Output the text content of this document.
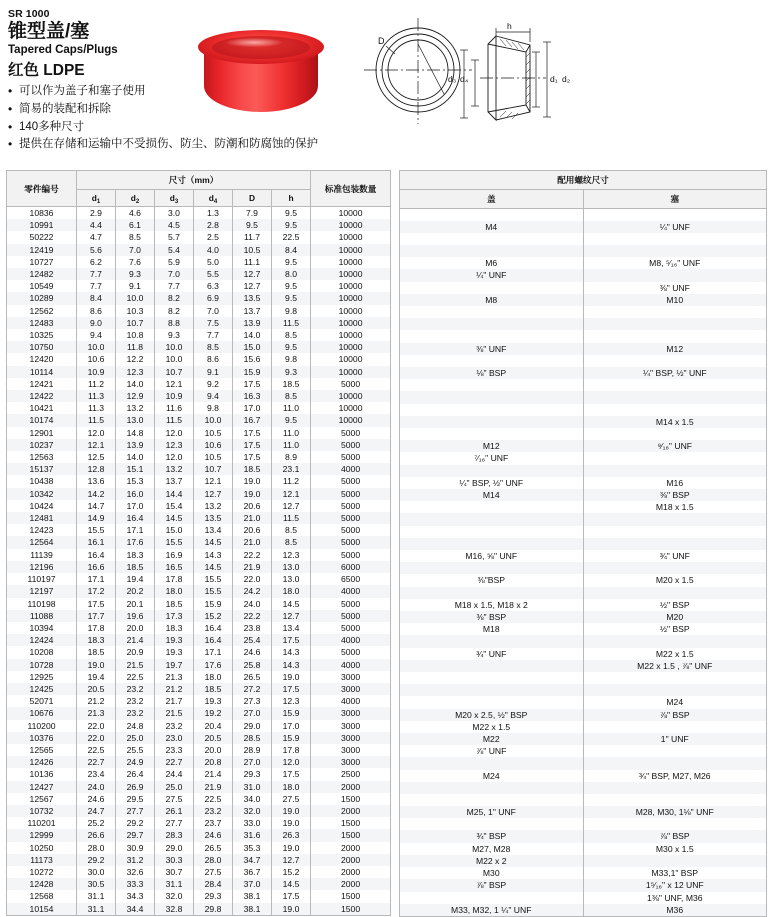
SR 1000
锥型盖/塞
Tapered Caps/Plugs
红色 LDPE
• 可以作为盖子和塞子使用
• 简易的装配和拆除
• 140多种尺寸
• 提供在存储和运输中不受损伤、防尘、防潮和防腐蚀的保护
D
h
d₃ d₄	d₁ d₂
零件编号	尺寸（mm）						标准包装数量
	$d_1$	$d_2$	$d_3$	$d_4$	D	h	
10836	2.9	4.6	3.0	1.3	7.9	9.5	10000
10991	4.4	6.1	4.5	2.8	9.5	9.5	10000
50222	4.7	8.5	5.7	2.5	11.7	22.5	10000
12419	5.6	7.0	5.4	4.0	10.5	8.4	10000
10727	6.2	7.6	5.9	5.0	11.1	9.5	10000
12482	7.7	9.3	7.0	5.5	12.7	8.0	10000
10549	7.7	9.1	7.7	6.3	12.7	9.5	10000
10289	8.4	10.0	8.2	6.9	13.5	9.5	10000
12562	8.6	10.3	8.2	7.0	13.7	9.8	10000
12483	9.0	10.7	8.8	7.5	13.9	11.5	10000
10325	9.4	10.8	9.3	7.7	14.0	8.5	10000
10750	10.0	11.8	10.0	8.5	15.0	9.5	10000
12420	10.6	12.2	10.0	8.6	15.6	9.8	10000
10114	10.9	12.3	10.7	9.1	15.9	9.3	10000
12421	11.2	14.0	12.1	9.2	17.5	18.5	5000
12422	11.3	12.9	10.9	9.4	16.3	8.5	10000
10421	11.3	13.2	11.6	9.8	17.0	11.0	10000
10174	11.5	13.0	11.5	10.0	16.7	9.5	10000
12901	12.0	14.8	12.0	10.5	17.5	11.0	5000
10237	12.1	13.9	12.3	10.6	17.5	11.0	5000
12563	12.5	14.0	12.0	10.5	17.5	8.9	5000
15137	12.8	15.1	13.2	10.7	18.5	23.1	4000
10438	13.6	15.3	13.7	12.1	19.0	11.2	5000
10342	14.2	16.0	14.4	12.7	19.0	12.1	5000
10424	14.7	17.0	15.4	13.2	20.6	12.7	5000
12481	14.9	16.4	14.5	13.5	21.0	11.5	5000
12423	15.5	17.1	15.0	13.4	20.6	8.5	5000
12564	16.1	17.6	15.5	14.5	21.0	8.5	5000
11139	16.4	18.3	16.9	14.3	22.2	12.3	5000
12196	16.6	18.5	16.5	14.5	21.9	13.0	6000
110197	17.1	19.4	17.8	15.5	22.0	13.0	6500
12197	17.2	20.2	18.0	15.5	24.2	18.0	4000
110198	17.5	20.1	18.5	15.9	24.0	14.5	5000
11088	17.7	19.6	17.3	15.2	22.2	12.7	5000
10394	17.8	20.0	18.3	16.4	23.8	13.4	5000
12424	18.3	21.4	19.3	16.4	25.4	17.5	4000
10208	18.5	20.9	19.3	17.1	24.6	14.3	5000
10728	19.0	21.5	19.7	17.6	25.8	14.3	4000
12925	19.4	22.5	21.3	18.0	26.5	19.0	3000
12425	20.5	23.2	21.2	18.5	27.2	17.5	3000
52071	21.2	23.2	21.7	19.3	27.3	12.3	4000
10676	21.3	23.2	21.5	19.2	27.0	15.9	3000
110200	22.0	24.8	23.2	20.4	29.0	17.0	3000
10376	22.0	25.0	23.0	20.5	28.5	15.9	3000
12565	22.5	25.5	23.3	20.0	28.9	17.8	3000
12426	22.7	24.9	22.7	20.8	27.0	12.0	3000
10136	23.4	26.4	24.4	21.4	29.3	17.5	2500
12427	24.0	26.9	25.0	21.9	31.0	18.0	2000
12567	24.6	29.5	27.5	22.5	34.0	27.5	1500
10732	24.7	27.7	26.1	23.2	32.0	19.0	2000
110201	25.2	29.2	27.7	23.7	33.0	19.0	1500
12999	26.6	29.7	28.3	24.6	31.6	26.3	1500
10250	28.0	30.9	29.0	26.5	35.3	19.0	2000
11173	29.2	31.2	30.3	28.0	34.7	12.7	2000
10272	30.0	32.6	30.7	27.5	36.7	15.2	2000
12428	30.5	33.3	31.1	28.4	37.0	14.5	2000
12568	31.1	34.3	32.0	29.3	38.1	17.5	1500
10154	31.1	34.4	32.8	29.8	38.1	19.0	1500
配用螺纹尺寸	
盖	塞

M4	¼" UNF

M6	M8, ⁵⁄₁₆" UNF
¼" UNF	
	⅜" UNF
M8	M10

⅜" UNF	M12

⅛" BSP	¼" BSP, ½" UNF

	M14 x 1.5

M12	⁹⁄₁₆" UNF
⁷⁄₁₆" UNF	

¼" BSP, ½" UNF	M16
M14	⅜" BSP
	M18 x 1.5

M16, ⅝" UNF	¾" UNF

⅜"BSP	M20 x 1.5

M18 x 1.5, M18 x 2	½" BSP
⅜" BSP	M20
M18	½" BSP

¾" UNF	M22 x 1.5
	M22 x 1.5 , ⅞" UNF

	M24
M20 x 2.5, ½" BSP	⅞" BSP
M22 x 1.5	
M22	1" UNF
⅞" UNF	

M24	¾" BSP, M27, M26

M25, 1" UNF	M28, M30, 1⅛" UNF

¾" BSP	⅞" BSP
M27, M28	M30 x 1.5
M22 x 2	
M30	M33,1" BSP
⅞" BSP	1⁵⁄₁₆" x 12 UNF
	1⅜" UNF, M36
M33, M32, 1 ¼" UNF	M36
